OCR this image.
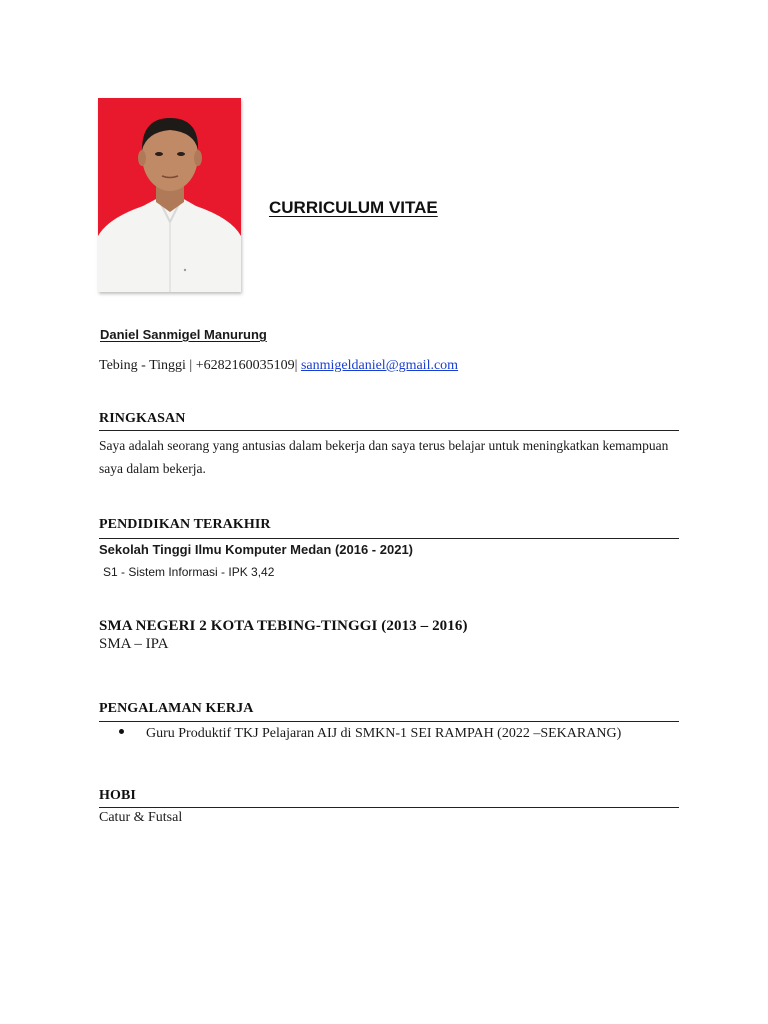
CURRICULUM VITAE
Daniel Sanmigel Manurung
Tebing - Tinggi | +6282160035109| sanmigeldaniel@gmail.com
RINGKASAN
Saya adalah seorang yang antusias dalam bekerja dan saya terus belajar untuk meningkatkan kemampuan saya dalam bekerja.
PENDIDIKAN TERAKHIR
Sekolah Tinggi Ilmu Komputer Medan (2016 - 2021)
S1 - Sistem Informasi - IPK 3,42
SMA NEGERI 2 KOTA TEBING-TINGGI (2013 – 2016)
SMA – IPA
PENGALAMAN KERJA
Guru Produktif TKJ Pelajaran AIJ di SMKN-1 SEI RAMPAH (2022 –SEKARANG)
HOBI
Catur & Futsal
